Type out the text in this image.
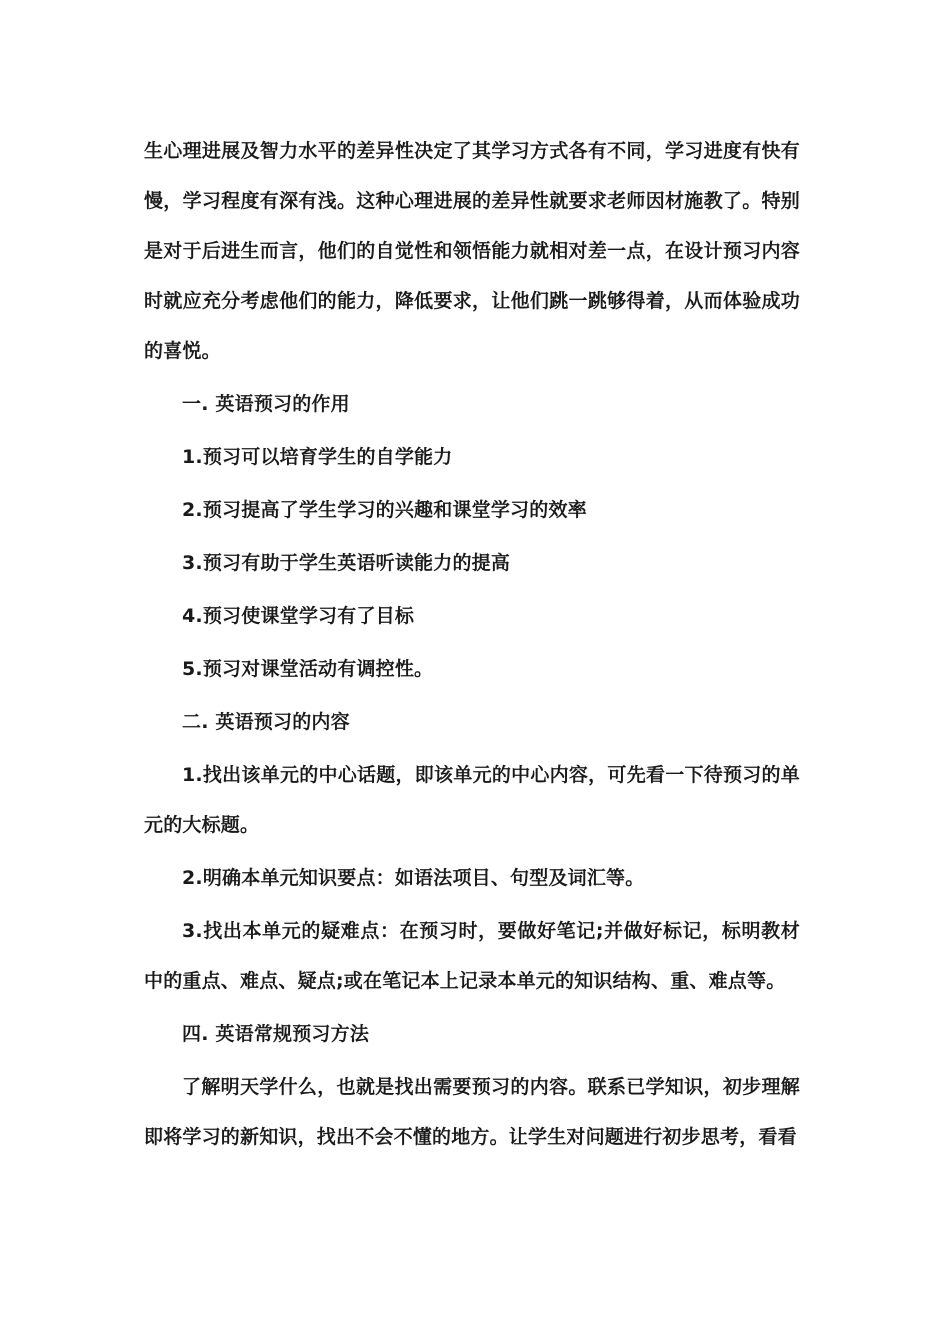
生心理进展及智力水平的差异性决定了其学习方式各有不同，学习进度有快有慢，学习程度有深有浅。这种心理进展的差异性就要求老师因材施教了。特别是对于后进生而言，他们的自觉性和领悟能力就相对差一点，在设计预习内容时就应充分考虑他们的能力，降低要求，让他们跳一跳够得着，从而体验成功的喜悦。

一. 英语预习的作用

1.预习可以培育学生的自学能力

2.预习提高了学生学习的兴趣和课堂学习的效率

3.预习有助于学生英语听读能力的提高

4.预习使课堂学习有了目标

5.预习对课堂活动有调控性。

二. 英语预习的内容

1.找出该单元的中心话题，即该单元的中心内容，可先看一下待预习的单元的大标题。

2.明确本单元知识要点：如语法项目、句型及词汇等。

3.找出本单元的疑难点：在预习时，要做好笔记;并做好标记，标明教材中的重点、难点、疑点;或在笔记本上记录本单元的知识结构、重、难点等。

四. 英语常规预习方法

了解明天学什么，也就是找出需要预习的内容。联系已学知识，初步理解即将学习的新知识，找出不会不懂的地方。让学生对问题进行初步思考，看看
